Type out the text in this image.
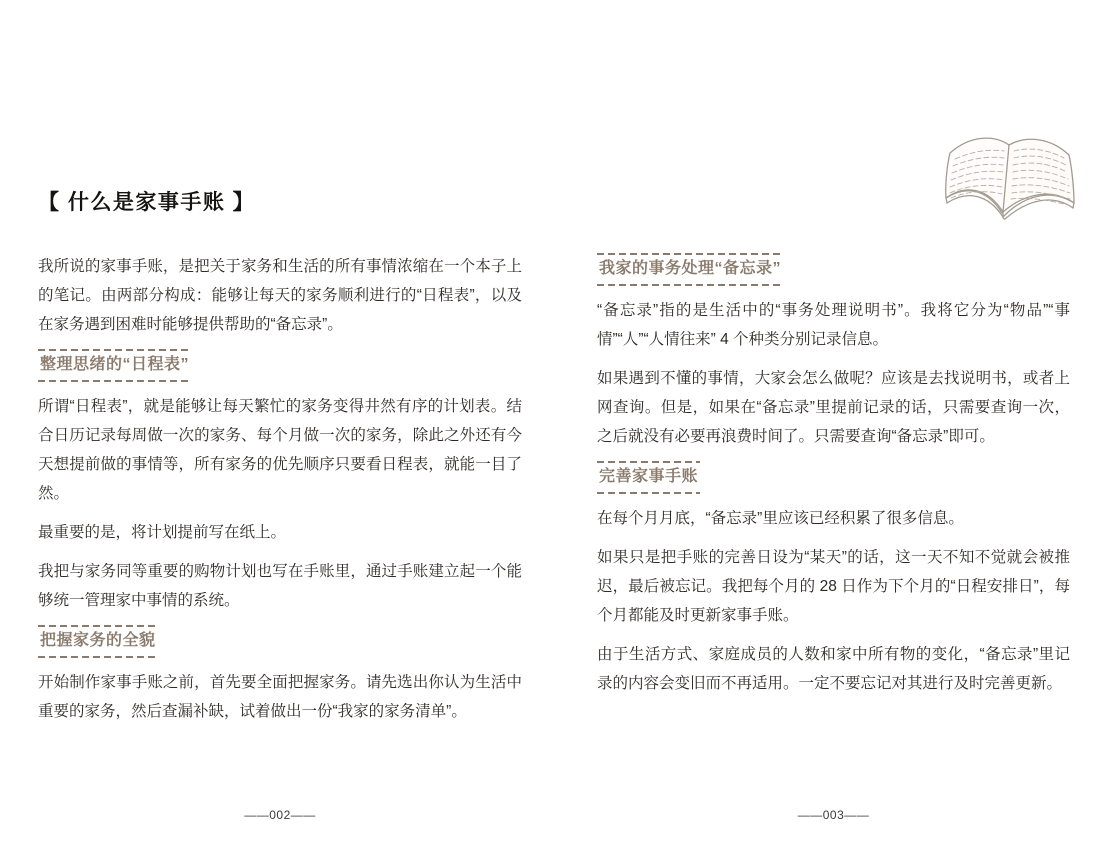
【 什么是家事手账 】

我所说的家事手账，是把关于家务和生活的所有事情浓缩在一个本子上的笔记。由两部分构成：能够让每天的家务顺利进行的“日程表”，以及在家务遇到困难时能够提供帮助的“备忘录”。

整理思绪的“日程表”

所谓“日程表”，就是能够让每天繁忙的家务变得井然有序的计划表。结合日历记录每周做一次的家务、每个月做一次的家务，除此之外还有今天想提前做的事情等，所有家务的优先顺序只要看日程表，就能一目了然。

最重要的是，将计划提前写在纸上。

我把与家务同等重要的购物计划也写在手账里，通过手账建立起一个能够统一管理家中事情的系统。

把握家务的全貌

开始制作家事手账之前，首先要全面把握家务。请先选出你认为生活中重要的家务，然后查漏补缺，试着做出一份“我家的家务清单”。

我家的事务处理“备忘录”

“备忘录”指的是生活中的“事务处理说明书”。我将它分为“物品”“事情”“人”“人情往来” 4 个种类分别记录信息。

如果遇到不懂的事情，大家会怎么做呢？应该是去找说明书，或者上网查询。但是，如果在“备忘录”里提前记录的话，只需要查询一次，之后就没有必要再浪费时间了。只需要查询“备忘录”即可。

完善家事手账

在每个月月底，“备忘录”里应该已经积累了很多信息。

如果只是把手账的完善日设为“某天”的话，这一天不知不觉就会被推迟，最后被忘记。我把每个月的 28 日作为下个月的“日程安排日”，每个月都能及时更新家事手账。

由于生活方式、家庭成员的人数和家中所有物的变化，“备忘录”里记录的内容会变旧而不再适用。一定不要忘记对其进行及时完善更新。

——002——	——003——
